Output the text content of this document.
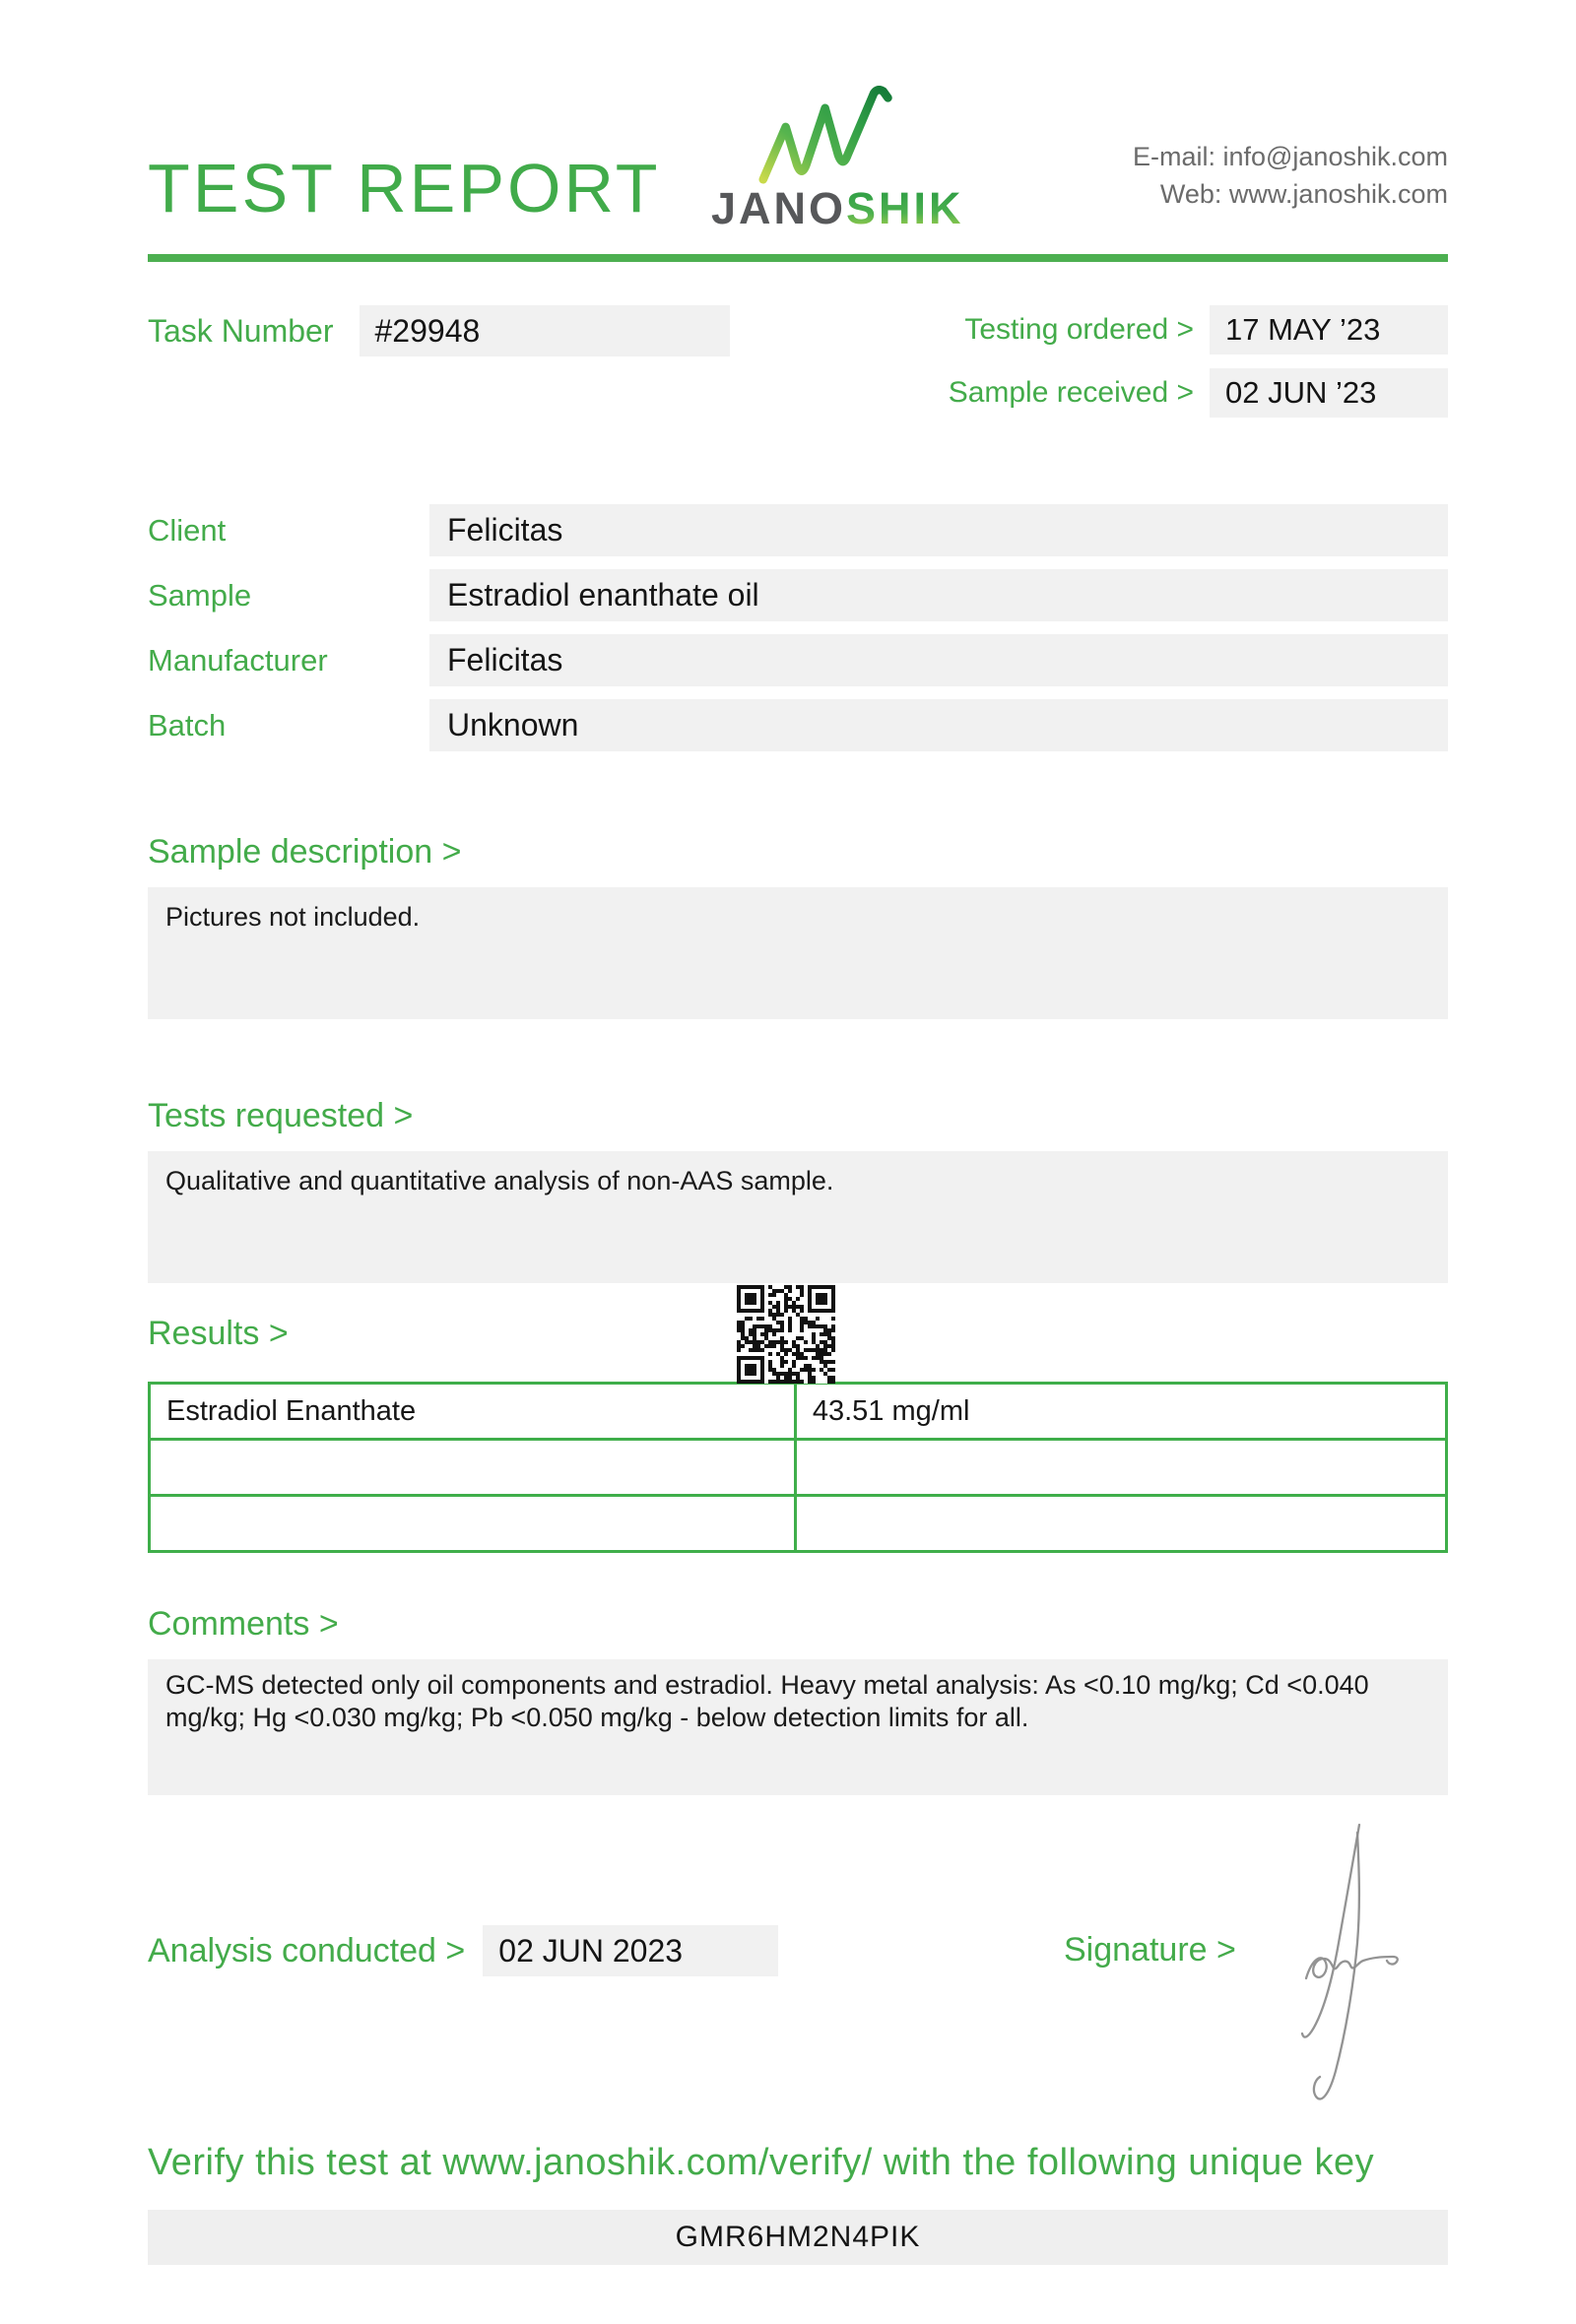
TEST REPORT JANOSHIK
E-mail: info@janoshik.com
Web: www.janoshik.com
Task Number	#29948	Testing ordered >	17 MAY ’23
Sample received >	02 JUN ’23
Client	Felicitas
Sample	Estradiol enanthate oil
Manufacturer	Felicitas
Batch	Unknown
Sample description >
Pictures not included.
Tests requested >
Qualitative and quantitative analysis of non-AAS sample.
Results >
Estradiol Enanthate	43.51 mg/ml

Comments >
GC-MS detected only oil components and estradiol. Heavy metal analysis: As <0.10 mg/kg; Cd <0.040 mg/kg; Hg <0.030 mg/kg; Pb <0.050 mg/kg - below detection limits for all.
Analysis conducted >	02 JUN 2023	Signature >
Verify this test at www.janoshik.com/verify/ with the following unique key
GMR6HM2N4PIK
